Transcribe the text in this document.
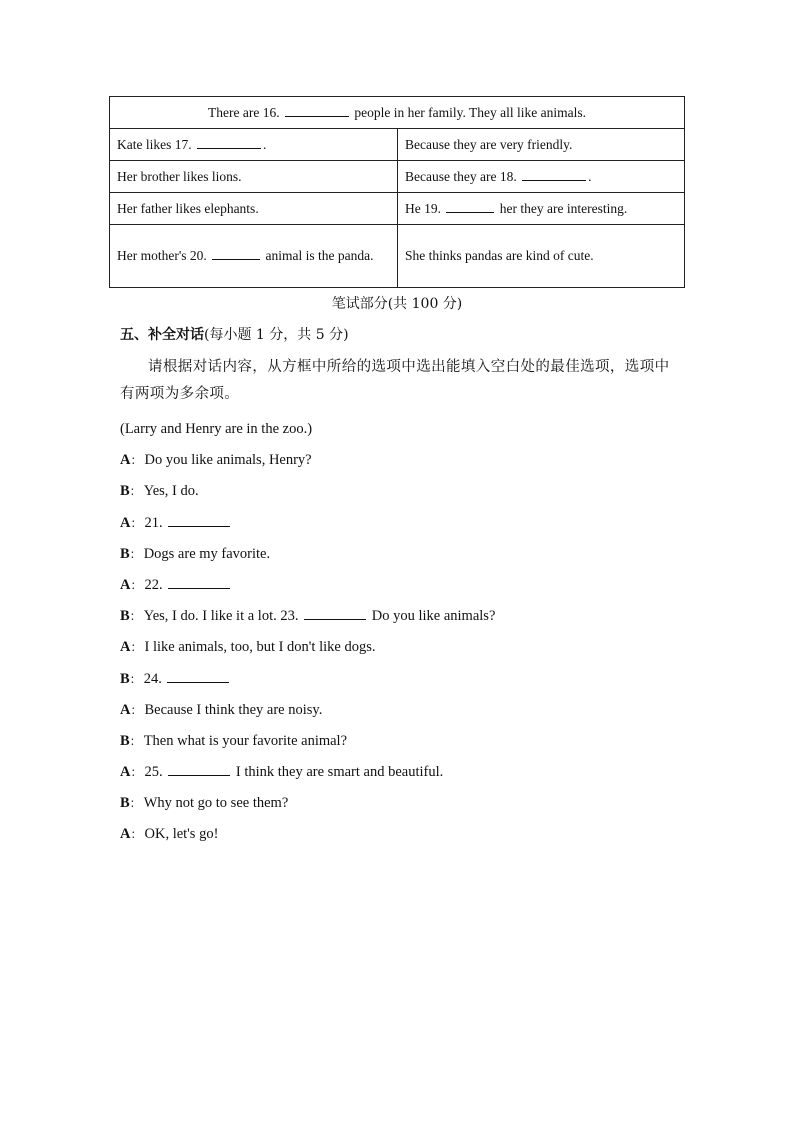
There are 16. people in her family. They all like animals.	
Kate likes 17. .	Because they are very friendly.
Her brother likes lions.	Because they are 18. .
Her father likes elephants.	He 19. her they are interesting.
Her mother's 20. animal is the panda.	She thinks pandas are kind of cute.
笔试部分(共 100 分)
五、补全对话(每小题 1 分，共 5 分)
请根据对话内容，从方框中所给的选项中选出能填入空白处的最佳选项，选项中有两项为多余项。
(Larry and Henry are in the zoo.)
A： Do you like animals, Henry?
B： Yes, I do.
A： 21.
B： Dogs are my favorite.
A： 22.
B： Yes, I do. I like it a lot. 23.	Do you like animals?
A： I like animals, too, but I don't like dogs.
B： 24.
A： Because I think they are noisy.
B： Then what is your favorite animal?
A： 25.	I think they are smart and beautiful.
B： Why not go to see them?
A： OK, let's go!
